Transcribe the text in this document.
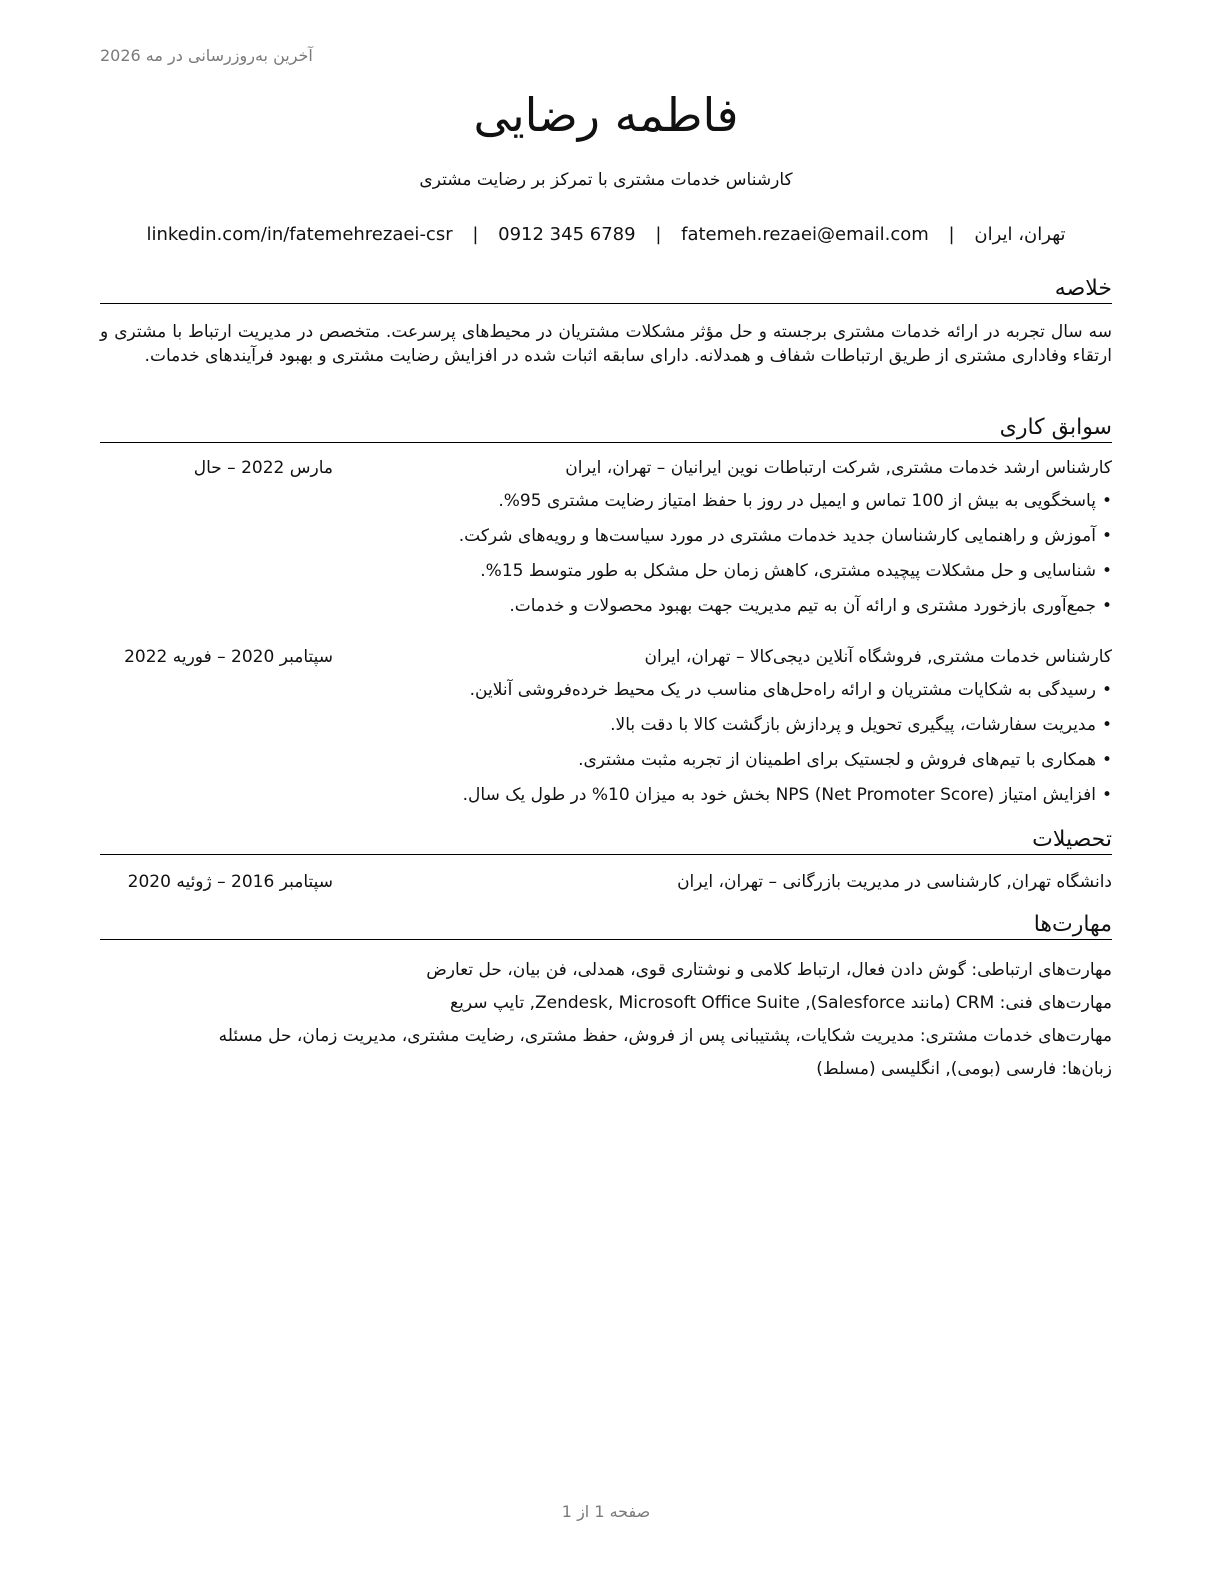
آخرین به‌روزرسانی در مه 2026
فاطمه رضایی
کارشناس خدمات مشتری با تمرکز بر رضایت مشتری
تهران، ایران | fatemeh.rezaei@email.com | 0912 345 6789 | linkedin.com/in/fatemehrezaei-csr
خلاصه
سه سال تجربه در ارائه خدمات مشتری برجسته و حل مؤثر مشکلات مشتریان در محیط‌های پرسرعت. متخصص در مدیریت ارتباط با مشتری و ارتقاء وفاداری مشتری از طریق ارتباطات شفاف و همدلانه. دارای سابقه اثبات شده در افزایش رضایت مشتری و بهبود فرآیندهای خدمات.
سوابق کاری
کارشناس ارشد خدمات مشتری, شرکت ارتباطات نوین ایرانیان – تهران، ایران
مارس 2022 – حال
• پاسخگویی به بیش از 100 تماس و ایمیل در روز با حفظ امتیاز رضایت مشتری 95%.
• آموزش و راهنمایی کارشناسان جدید خدمات مشتری در مورد سیاست‌ها و رویه‌های شرکت.
• شناسایی و حل مشکلات پیچیده مشتری، کاهش زمان حل مشکل به طور متوسط 15%.
• جمع‌آوری بازخورد مشتری و ارائه آن به تیم مدیریت جهت بهبود محصولات و خدمات.
کارشناس خدمات مشتری, فروشگاه آنلاین دیجی‌کالا – تهران، ایران
سپتامبر 2020 – فوریه 2022
• رسیدگی به شکایات مشتریان و ارائه راه‌حل‌های مناسب در یک محیط خرده‌فروشی آنلاین.
• مدیریت سفارشات، پیگیری تحویل و پردازش بازگشت کالا با دقت بالا.
• همکاری با تیم‌های فروش و لجستیک برای اطمینان از تجربه مثبت مشتری.
• افزایش امتیاز NPS (Net Promoter Score) بخش خود به میزان 10% در طول یک سال.
تحصیلات
دانشگاه تهران, کارشناسی در مدیریت بازرگانی – تهران، ایران
سپتامبر 2016 – ژوئیه 2020
مهارت‌ها
مهارت‌های ارتباطی: گوش دادن فعال، ارتباط کلامی و نوشتاری قوی، همدلی، فن بیان، حل تعارض
مهارت‌های فنی: CRM (مانند Salesforce), Zendesk, Microsoft Office Suite, تایپ سریع
مهارت‌های خدمات مشتری: مدیریت شکایات، پشتیبانی پس از فروش، حفظ مشتری، رضایت مشتری، مدیریت زمان، حل مسئله
زبان‌ها: فارسی (بومی), انگلیسی (مسلط)
صفحه 1 از 1
